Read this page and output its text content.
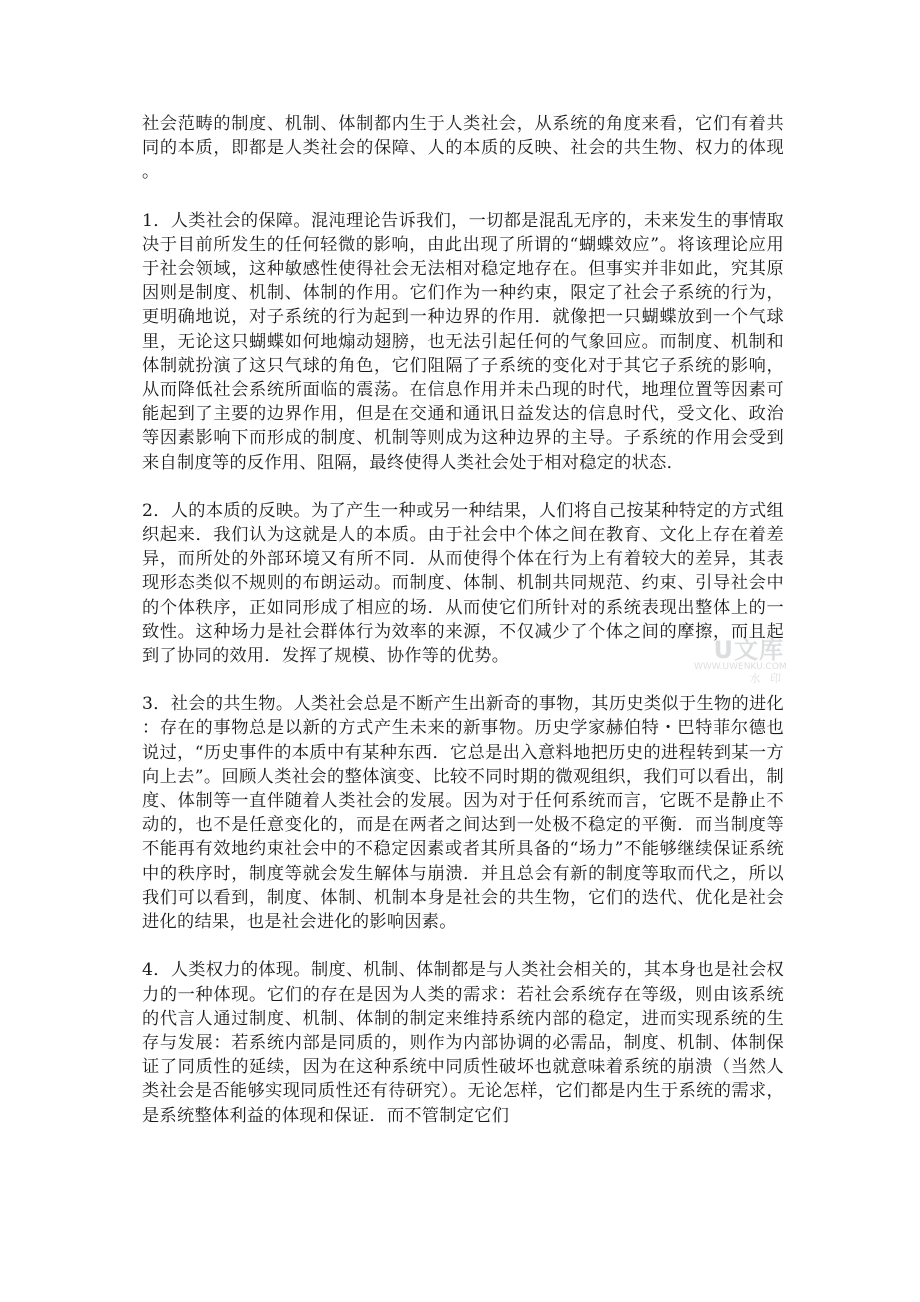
社会范畴的制度、机制、体制都内生于人类社会，从系统的角度来看，它们有着共同的本质，即都是人类社会的保障、人的本质的反映、社会的共生物、权力的体现。

1．人类社会的保障。混沌理论告诉我们，一切都是混乱无序的，未来发生的事情取决于目前所发生的任何轻微的影响，由此出现了所谓的“蝴蝶效应”。将该理论应用于社会领域，这种敏感性使得社会无法相对稳定地存在。但事实并非如此，究其原因则是制度、机制、体制的作用。它们作为一种约束，限定了社会子系统的行为，更明确地说，对子系统的行为起到一种边界的作用．就像把一只蝴蝶放到一个气球里，无论这只蝴蝶如何地煽动翅膀，也无法引起任何的气象回应。而制度、机制和体制就扮演了这只气球的角色，它们阻隔了子系统的变化对于其它子系统的影响，从而降低社会系统所面临的震荡。在信息作用并未凸现的时代，地理位置等因素可能起到了主要的边界作用，但是在交通和通讯日益发达的信息时代，受文化、政治等因素影响下而形成的制度、机制等则成为这种边界的主导。子系统的作用会受到来自制度等的反作用、阻隔，最终使得人类社会处于相对稳定的状态．

2．人的本质的反映。为了产生一种或另一种结果，人们将自己按某种特定的方式组织起来．我们认为这就是人的本质。由于社会中个体之间在教育、文化上存在着差异，而所处的外部环境又有所不同．从而使得个体在行为上有着较大的差异，其表现形态类似不规则的布朗运动。而制度、体制、机制共同规范、约束、引导社会中的个体秩序，正如同形成了相应的场．从而使它们所针对的系统表现出整体上的一致性。这种场力是社会群体行为效率的来源，不仅减少了个体之间的摩擦，而且起到了协同的效用．发挥了规模、协作等的优势。

3．社会的共生物。人类社会总是不断产生出新奇的事物，其历史类似于生物的进化：存在的事物总是以新的方式产生未来的新事物。历史学家赫伯特・巴特菲尔德也说过，“历史事件的本质中有某种东西．它总是出入意料地把历史的进程转到某一方向上去”。回顾人类社会的整体演变、比较不同时期的微观组织，我们可以看出，制度、体制等一直伴随着人类社会的发展。因为对于任何系统而言，它既不是静止不动的，也不是任意变化的，而是在两者之间达到一处极不稳定的平衡．而当制度等不能再有效地约束社会中的不稳定因素或者其所具备的“场力”不能够继续保证系统中的秩序时，制度等就会发生解体与崩溃．并且总会有新的制度等取而代之，所以我们可以看到，制度、体制、机制本身是社会的共生物，它们的迭代、优化是社会进化的结果，也是社会进化的影响因素。

4．人类权力的体现。制度、机制、体制都是与人类社会相关的，其本身也是社会权力的一种体现。它们的存在是因为人类的需求：若社会系统存在等级，则由该系统的代言人通过制度、机制、体制的制定来维持系统内部的稳定，进而实现系统的生存与发展：若系统内部是同质的，则作为内部协调的必需品，制度、机制、体制保证了同质性的延续，因为在这种系统中同质性破坏也就意味着系统的崩溃（当然人类社会是否能够实现同质性还有待研究）。无论怎样，它们都是内生于系统的需求，是系统整体利益的体现和保证．而不管制定它们

U文库
WWW.UWENKU.COM
水 印
